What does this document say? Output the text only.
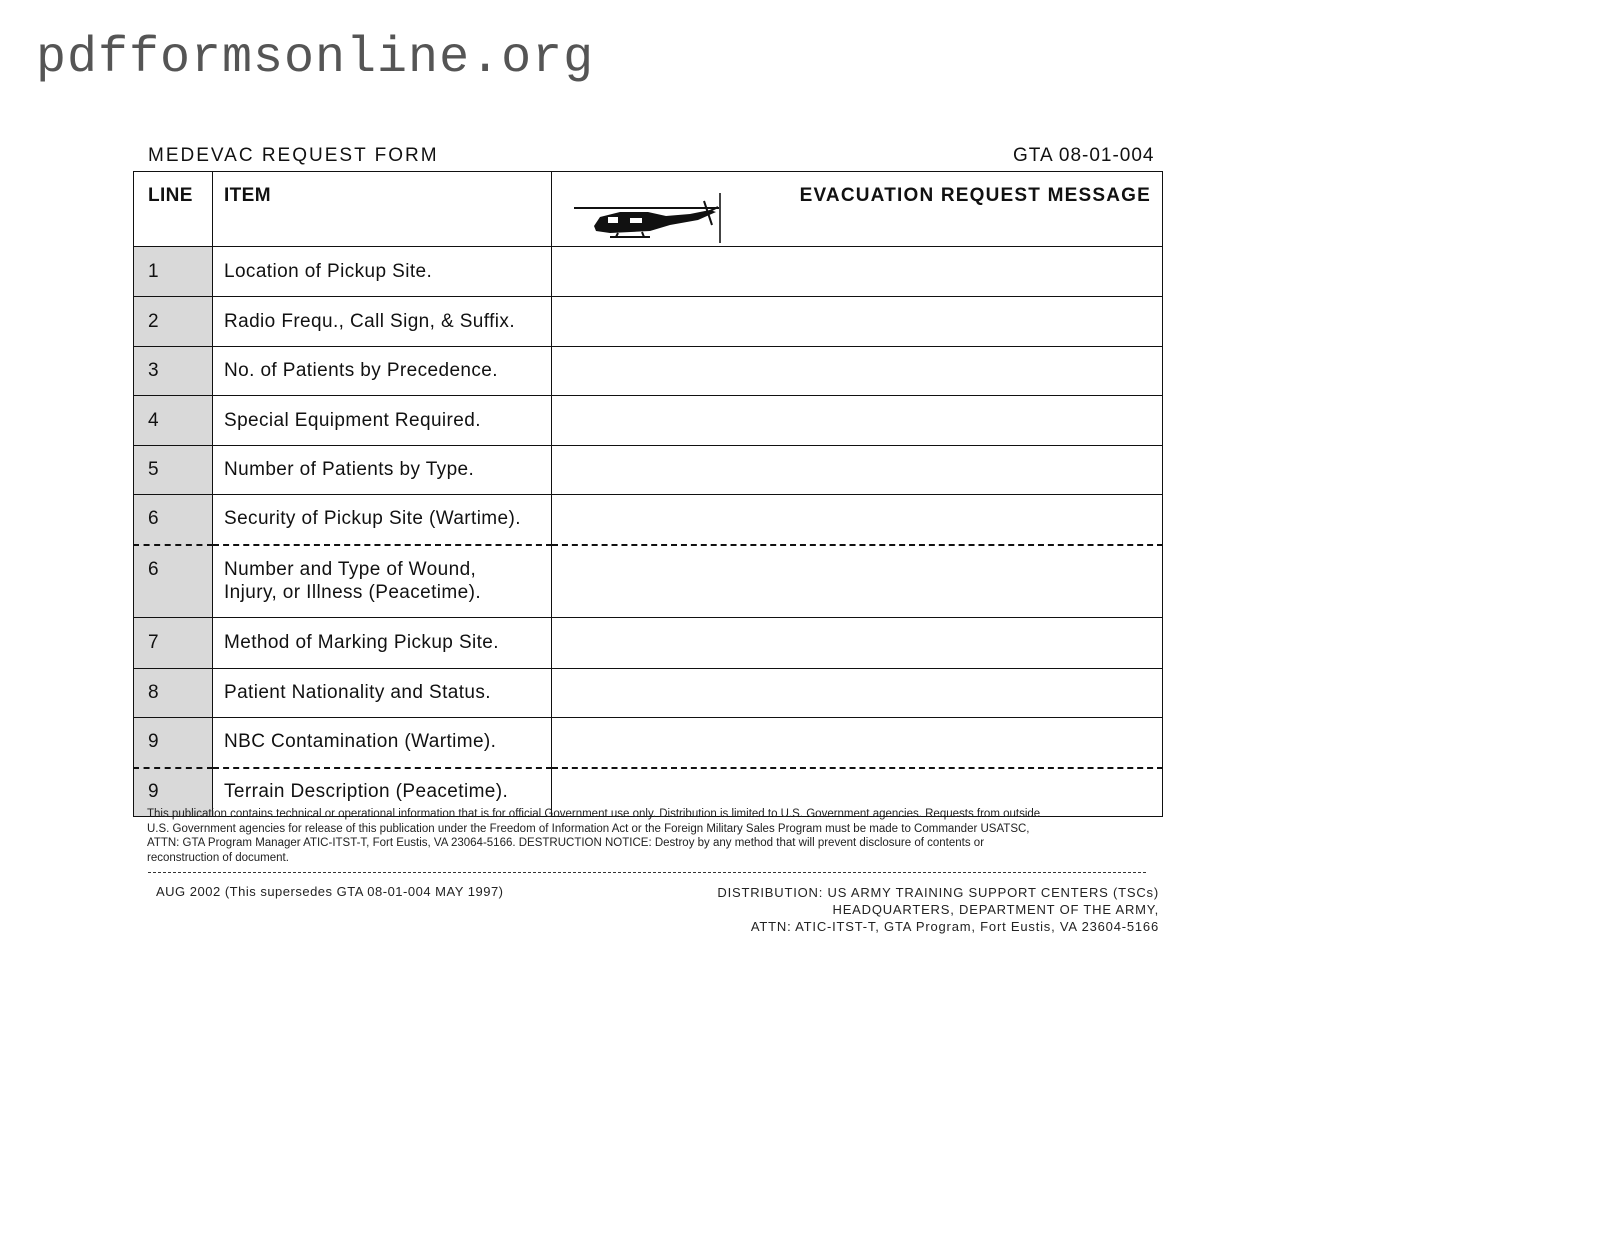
pdfformsonline.org
MEDEVAC REQUEST FORM	GTA 08-01-004
LINE	ITEM	EVACUATION REQUEST MESSAGE
1	Location of Pickup Site.	
2	Radio Frequ., Call Sign, & Suffix.	
3	No. of Patients by Precedence.	
4	Special Equipment Required.	
5	Number of Patients by Type.	
6	Security of Pickup Site (Wartime).	
6	Number and Type of Wound,
Injury, or Illness (Peacetime).	

7	Method of Marking Pickup Site.	
8	Patient Nationality and Status.	
9	NBC Contamination (Wartime).	
9	Terrain Description (Peacetime).	
This publication contains technical or operational information that is for official Government use only. Distribution is limited to U.S. Government agencies. Requests from outside
U.S. Government agencies for release of this publication under the Freedom of Information Act or the Foreign Military Sales Program must be made to Commander USATSC,
ATTN: GTA Program Manager ATIC-ITST-T, Fort Eustis, VA 23064-5166. DESTRUCTION NOTICE: Destroy by any method that will prevent disclosure of contents or
reconstruction of document.
AUG 2002 (This supersedes GTA 08-01-004 MAY 1997)	DISTRIBUTION: US ARMY TRAINING SUPPORT CENTERS (TSCs)
HEADQUARTERS, DEPARTMENT OF THE ARMY,
ATTN: ATIC-ITST-T, GTA Program, Fort Eustis, VA 23604-5166
